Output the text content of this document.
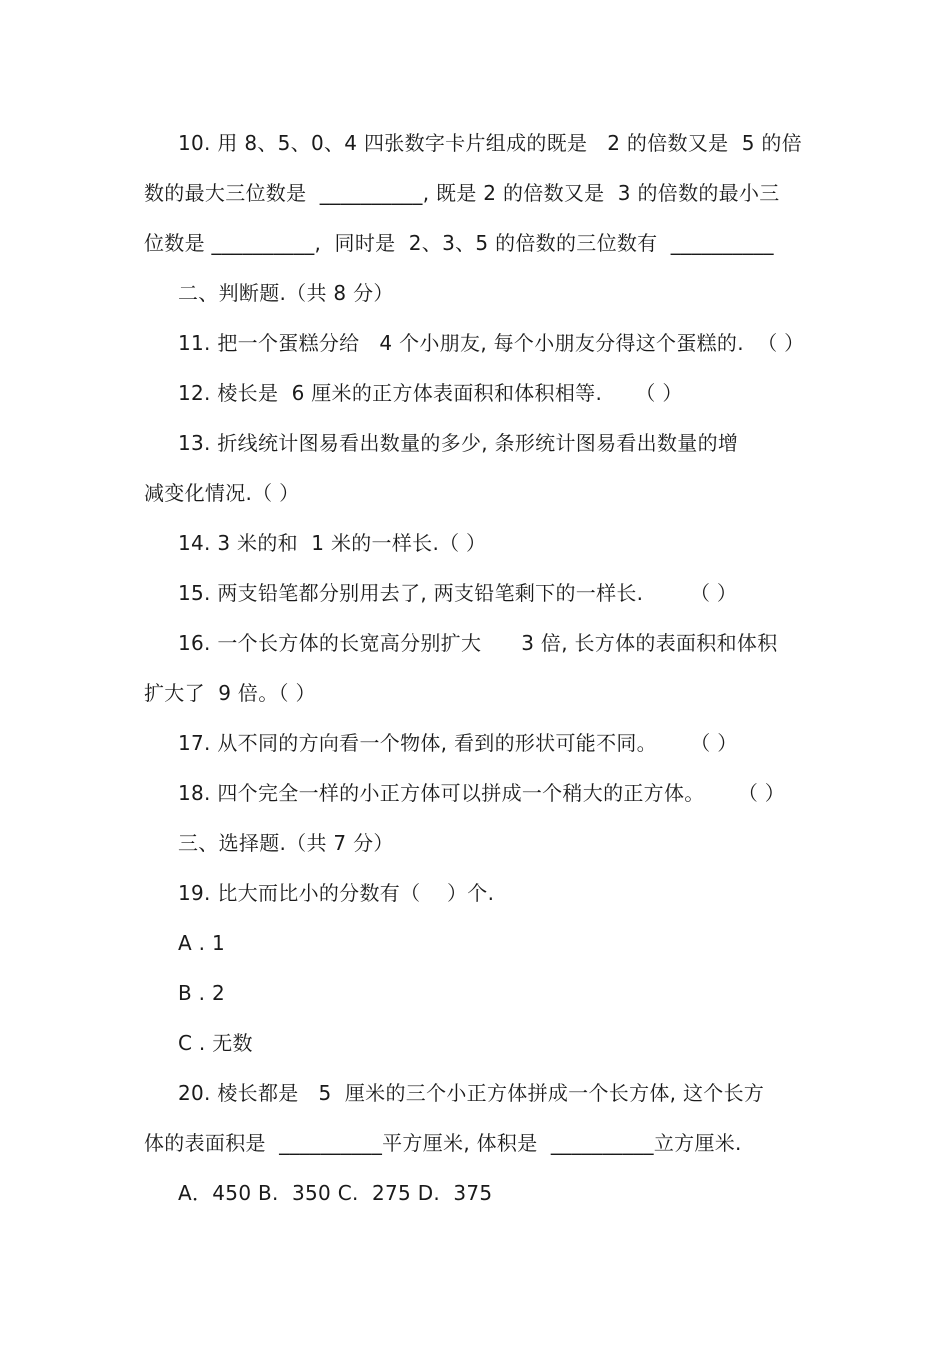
10. 用 8、5、0、4 四张数字卡片组成的既是   2 的倍数又是  5 的倍
数的最大三位数是  __________, 既是 2 的倍数又是  3 的倍数的最小三
位数是 __________,  同时是  2、3、5 的倍数的三位数有  __________
二、判断题.（共 8 分）
11. 把一个蛋糕分给   4 个小朋友, 每个小朋友分得这个蛋糕的.  （ ）
12. 棱长是  6 厘米的正方体表面积和体积相等.     （ ）
13. 折线统计图易看出数量的多少, 条形统计图易看出数量的增
减变化情况.（ ）
14. 3 米的和  1 米的一样长.（ ）
15. 两支铅笔都分别用去了, 两支铅笔剩下的一样长.       （ ）
16. 一个长方体的长宽高分别扩大      3 倍, 长方体的表面积和体积
扩大了  9 倍。（ ）
17. 从不同的方向看一个物体, 看到的形状可能不同。     （ ）
18. 四个完全一样的小正方体可以拼成一个稍大的正方体。     （ ）
三、选择题.（共 7 分）
19. 比大而比小的分数有（    ）个.
A . 1
B . 2
C . 无数
20. 棱长都是   5  厘米的三个小正方体拼成一个长方体, 这个长方
体的表面积是  __________平方厘米, 体积是  __________立方厘米.
A．450 B.  350 C.  275 D.  375
